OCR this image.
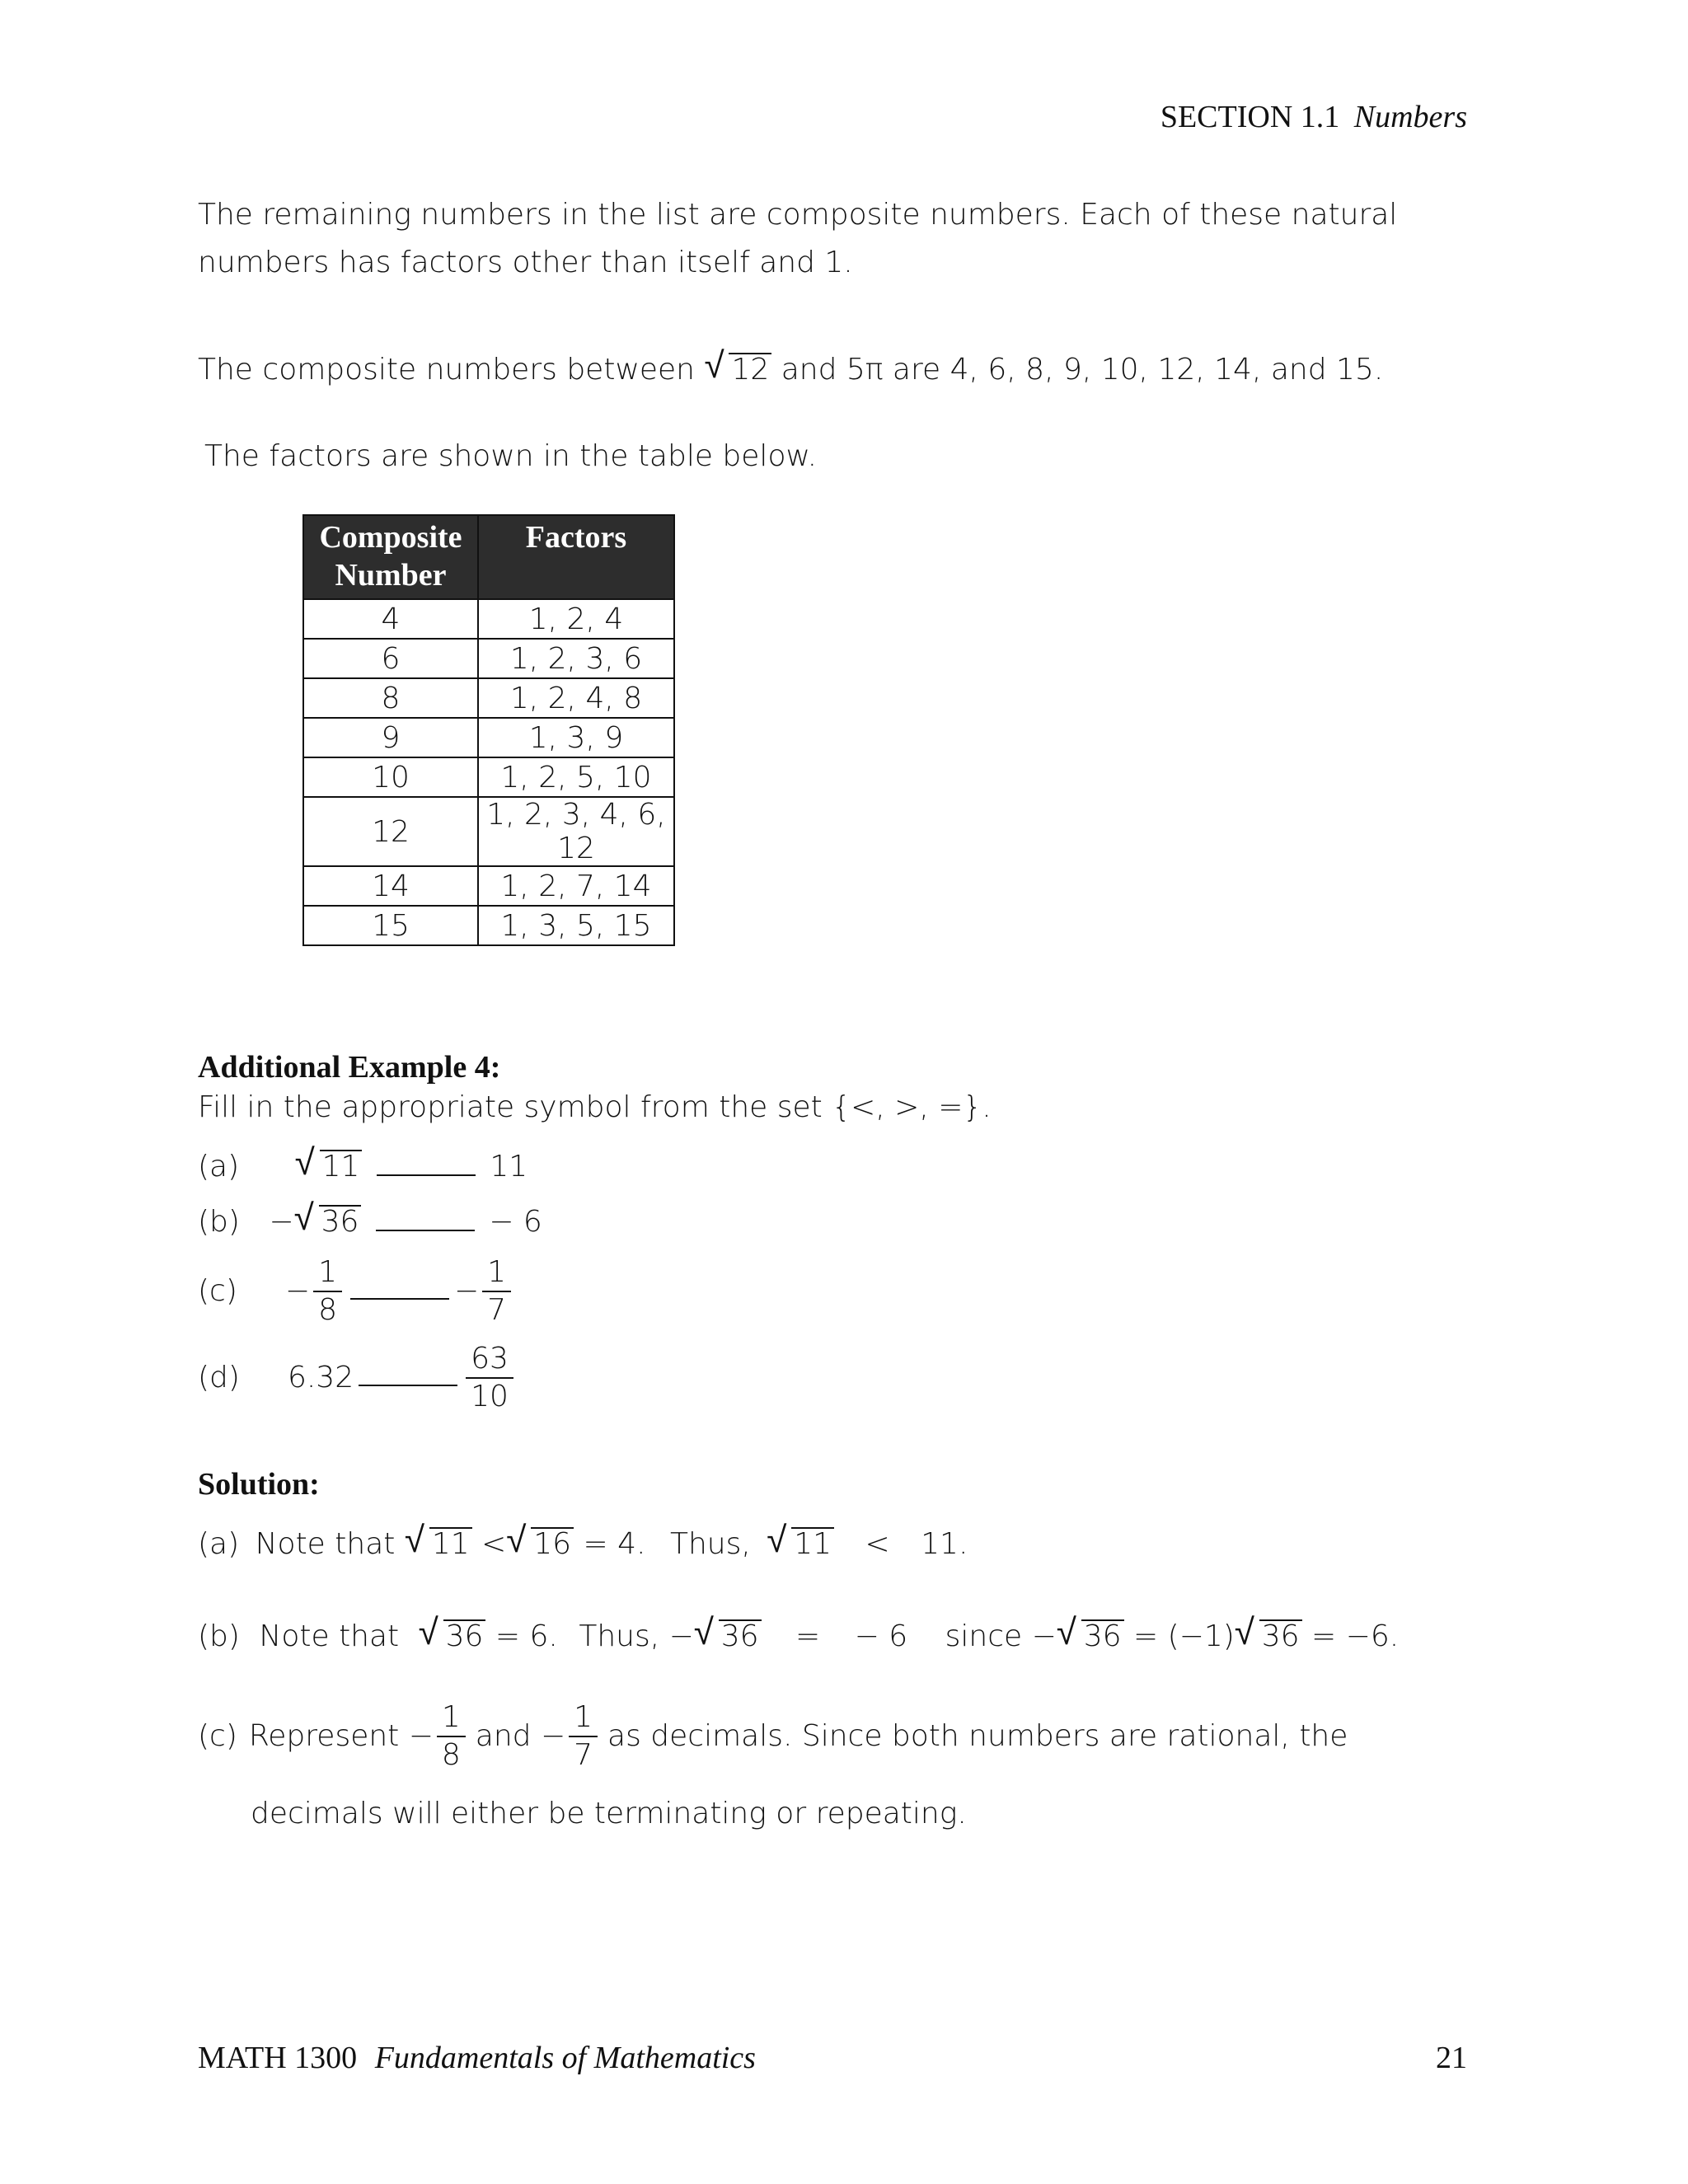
SECTION 1.1 Numbers
The remaining numbers in the list are composite numbers. Each of these natural
numbers has factors other than itself and 1.
The composite numbers between √ 12 and 5π are 4, 6, 8, 9, 10, 12, 14, and 15.
The factors are shown in the table below.
Composite Number	Factors
4	1, 2, 4
6	1, 2, 3, 6
8	1, 2, 4, 8
9	1, 3, 9
10	1, 2, 5, 10
12	1, 2, 3, 4, 6, 12
14	1, 2, 7, 14
15	1, 3, 5, 15
Additional Example 4:
Fill in the appropriate symbol from the set {<, >, =}.
(a) √ 11	11
(b) − √ 36	− 6
$(c) - \frac{1}{8}$	− $\frac{1}{7}$
(d) 6.32	$\frac{63}{10}$
Solution:
(a) Note that √ 11 < √ 16 = 4. Thus, √ 11 < 11.
(b) Note that √ 36 = 6. Thus, − √ 36 = − 6 since − √ 36 = (−1) √ 36 = −6.
(c) Represent − $\frac{1}{8}$ and − $\frac{1}{7}$ as decimals. Since both numbers are rational, the
decimals will either be terminating or repeating.
MATH 1300 Fundamentals of Mathematics	21
